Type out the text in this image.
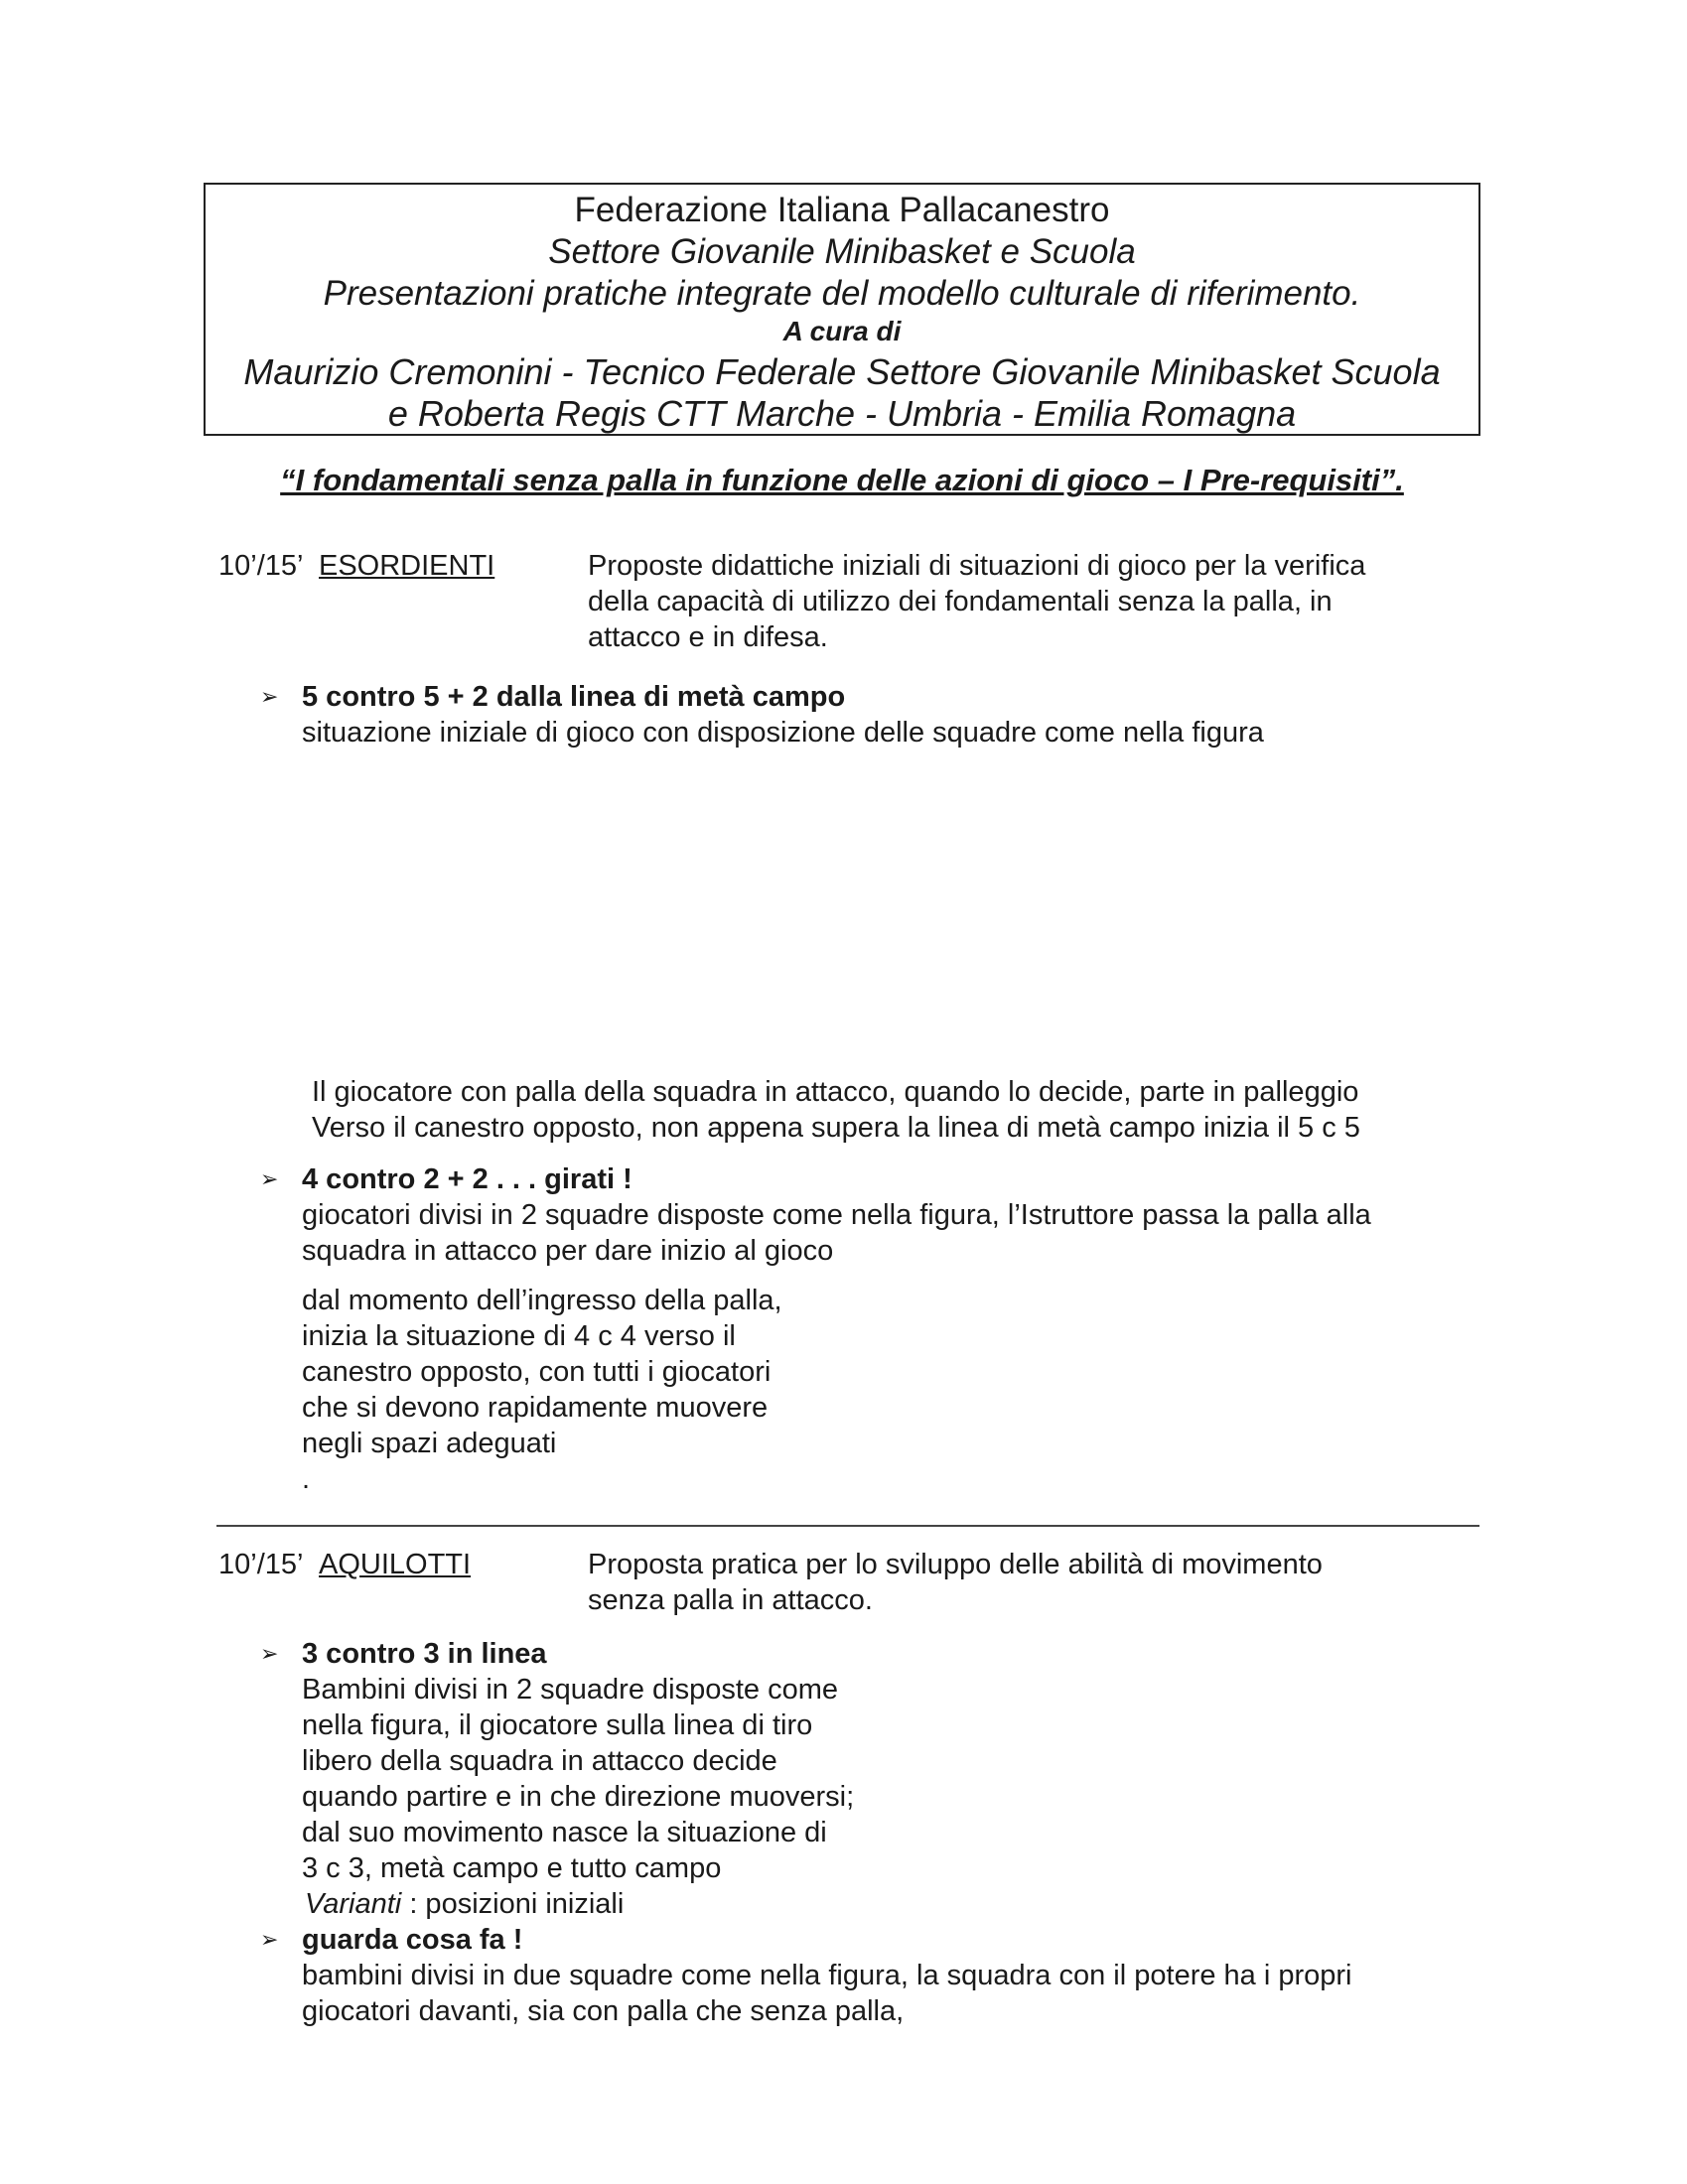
Federazione Italiana Pallacanestro
Settore Giovanile Minibasket e Scuola
Presentazioni pratiche integrate del modello culturale di riferimento.
A cura di
Maurizio Cremonini - Tecnico Federale Settore Giovanile Minibasket Scuola
e Roberta Regis CTT Marche - Umbria - Emilia Romagna
“I fondamentali senza palla in funzione delle azioni di gioco – I Pre-requisiti”.
10’/15’ ESORDIENTI	Proposte didattiche iniziali di situazioni di gioco per la verifica
della capacità di utilizzo dei fondamentali senza la palla, in
attacco e in difesa.
➢ 5 contro 5 + 2 dalla linea di metà campo
situazione iniziale di gioco con disposizione delle squadre come nella figura
Il giocatore con palla della squadra in attacco, quando lo decide, parte in palleggio
Verso il canestro opposto, non appena supera la linea di metà campo inizia il 5 c 5
➢ 4 contro 2 + 2 . . . girati !
giocatori divisi in 2 squadre disposte come nella figura, l’Istruttore passa la palla alla
squadra in attacco per dare inizio al gioco
dal momento dell’ingresso della palla,
inizia la situazione di 4 c 4 verso il
canestro opposto, con tutti i giocatori
che si devono rapidamente muovere
negli spazi adeguati
.
10’/15’ AQUILOTTI	Proposta pratica per lo sviluppo delle abilità di movimento
senza palla in attacco.
➢ 3 contro 3 in linea
Bambini divisi in 2 squadre disposte come
nella figura, il giocatore sulla linea di tiro
libero della squadra in attacco decide
quando partire e in che direzione muoversi;
dal suo movimento nasce la situazione di
3 c 3, metà campo e tutto campo
Varianti : posizioni iniziali
➢ guarda cosa fa !
bambini divisi in due squadre come nella figura, la squadra con il potere ha i propri
giocatori davanti, sia con palla che senza palla,
